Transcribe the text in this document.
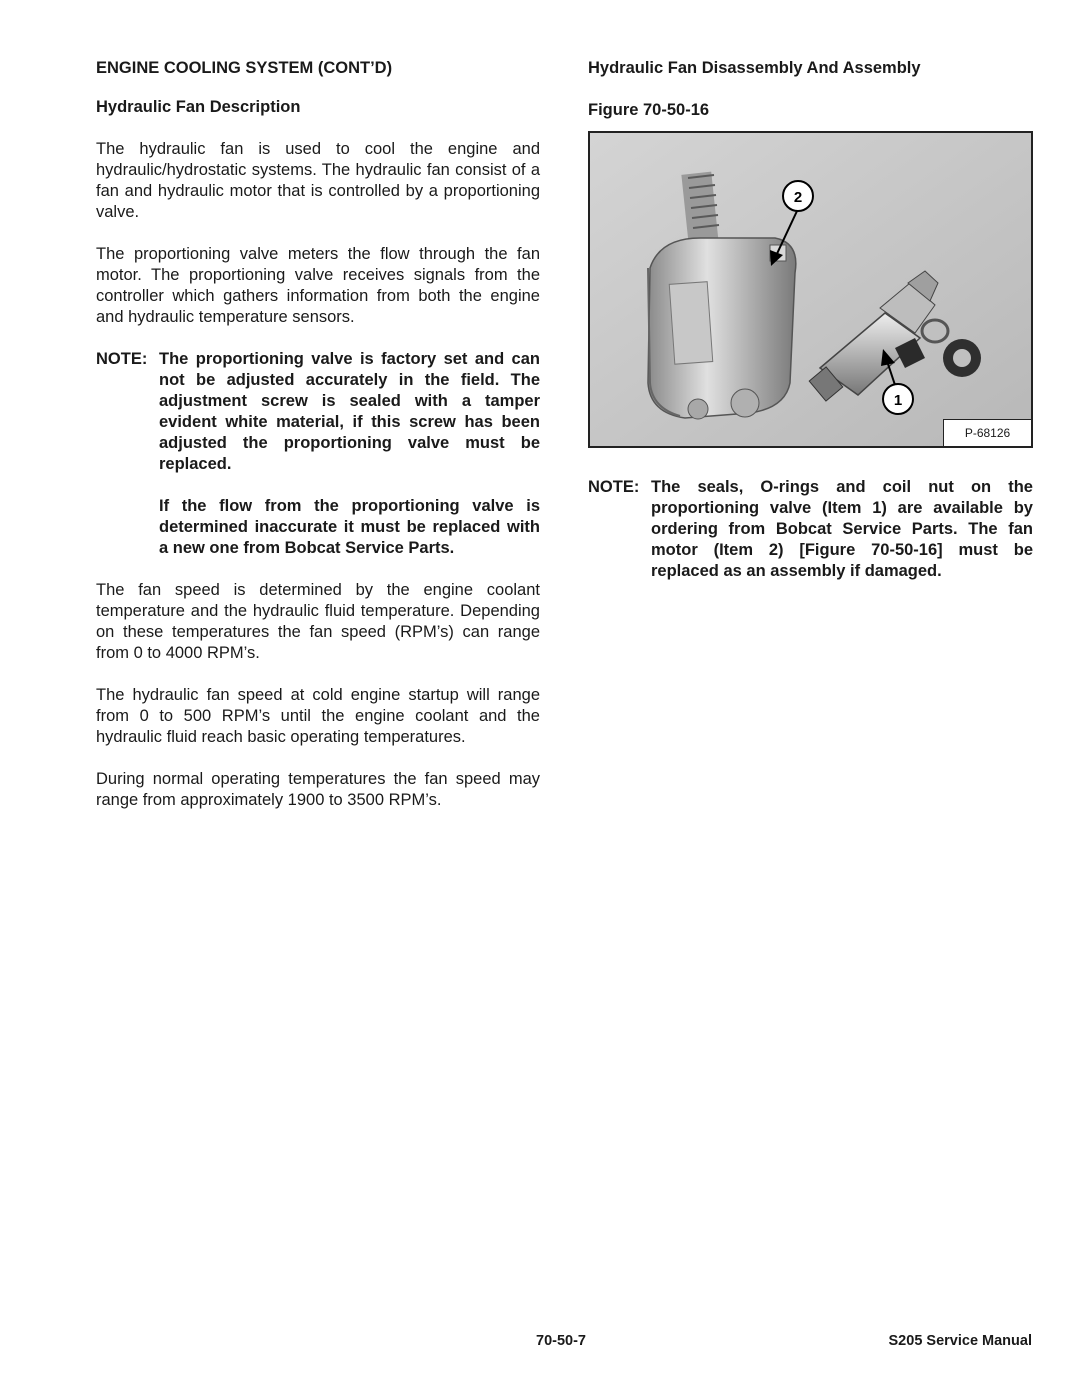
ENGINE COOLING SYSTEM (CONT’D)
Hydraulic Fan Description

The hydraulic fan is used to cool the engine and hydraulic/hydrostatic systems. The hydraulic fan consist of a fan and hydraulic motor that is controlled by a proportioning valve.

The proportioning valve meters the flow through the fan motor. The proportioning valve receives signals from the controller which gathers information from both the engine and hydraulic temperature sensors.

NOTE: The proportioning valve is factory set and can not be adjusted accurately in the field. The adjustment screw is sealed with a tamper evident white material, if this screw has been adjusted the proportioning valve must be replaced.

If the flow from the proportioning valve is determined inaccurate it must be replaced with a new one from Bobcat Service Parts.

The fan speed is determined by the engine coolant temperature and the hydraulic fluid temperature. Depending on these temperatures the fan speed (RPM’s) can range from 0 to 4000 RPM’s.

The hydraulic fan speed at cold engine startup will range from 0 to 500 RPM’s until the engine coolant and the hydraulic fluid reach basic operating temperatures.

During normal operating temperatures the fan speed may range from approximately 1900 to 3500 RPM’s.

Hydraulic Fan Disassembly And Assembly
Figure 70-50-16
2
1
P-68126
NOTE: The seals, O-rings and coil nut on the proportioning valve (Item 1) are available by ordering from Bobcat Service Parts. The fan motor (Item 2) [Figure 70-50-16] must be replaced as an assembly if damaged.

70-50-7	S205 Service Manual
